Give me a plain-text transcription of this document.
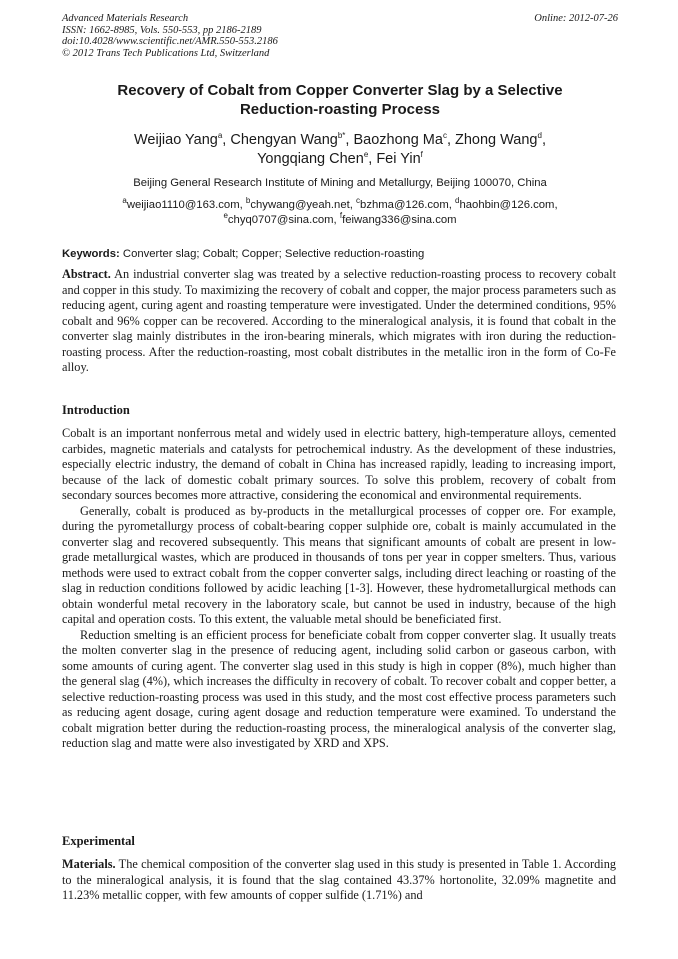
Advanced Materials Research
ISSN: 1662-8985, Vols. 550-553, pp 2186-2189
doi:10.4028/www.scientific.net/AMR.550-553.2186
© 2012 Trans Tech Publications Ltd, Switzerland
Online: 2012-07-26
Recovery of Cobalt from Copper Converter Slag by a Selective
Reduction-roasting Process
Weijiao Yang$^a$, Chengyan Wang$^{b*}$, Baozhong Ma$^c$, Zhong Wang$^d$,
Yongqiang Chen$^e$, Fei Yin$^f$
Beijing General Research Institute of Mining and Metallurgy, Beijing 100070, China
$^a$weijiao1110@163.com, $^b$chywang@yeah.net, $^c$bzhma@126.com, $^d$haohbin@126.com,
$^e$chyq0707@sina.com, $^f$feiwang336@sina.com
Keywords: Converter slag; Cobalt; Copper; Selective reduction-roasting

Abstract. An industrial converter slag was treated by a selective reduction-roasting process to recovery cobalt and copper in this study. To maximizing the recovery of cobalt and copper, the major process parameters such as reducing agent, curing agent and roasting temperature were investigated. Under the determined conditions, 95% cobalt and 96% copper can be recovered. According to the mineralogical analysis, it is found that cobalt in the converter slag mainly distributes in the iron-bearing minerals, which migrates with iron during the reduction-roasting process. After the reduction-roasting, most cobalt distributes in the metallic iron in the form of Co-Fe alloy.

Introduction

Cobalt is an important nonferrous metal and widely used in electric battery, high-temperature alloys, cemented carbides, magnetic materials and catalysts for petrochemical industry. As the development of these industries, especially electric industry, the demand of cobalt in China has increased rapidly, leading to increasing import, because of the lack of domestic cobalt primary sources. To solve this problem, recovery of cobalt from secondary sources becomes more attractive, considering the economical and environmental requirements.

Generally, cobalt is produced as by-products in the metallurgical processes of copper ore. For example, during the pyrometallurgy process of cobalt-bearing copper sulphide ore, cobalt is mainly accumulated in the converter slag and recovered subsequently. This means that significant amounts of cobalt are present in low-grade metallurgical wastes, which are produced in thousands of tons per year in copper smelters. Thus, various methods were used to extract cobalt from the copper converter salgs, including direct leaching or roasting of the slag in reduction conditions followed by acidic leaching [1-3]. However, these hydrometallurgical methods can obtain wonderful metal recovery in the laboratory scale, but cannot be used in industry, because of the high capital and operation costs. To this extent, the valuable metal should be beneficiated first.

Reduction smelting is an efficient process for beneficiate cobalt from copper converter slag. It usually treats the molten converter slag in the presence of reducing agent, including solid carbon or gaseous carbon, with some amounts of curing agent. The converter slag used in this study is high in copper (8%), much higher than the general slag (4%), which increases the difficulty in recovery of cobalt. To recover cobalt and copper better, a selective reduction-roasting process was used in this study, and the most cost effective process parameters such as reducing agent dosage, curing agent dosage and reduction temperature were examined. To understand the cobalt migration better during the reduction-roasting process, the mineralogical analysis of the converter slag, reduction slag and matte were also investigated by XRD and XPS.

Experimental

Materials. The chemical composition of the converter slag used in this study is presented in Table 1. According to the mineralogical analysis, it is found that the slag contained 43.37% hortonolite, 32.09% magnetite and 11.23% metallic copper, with few amounts of copper sulfide (1.71%) and
